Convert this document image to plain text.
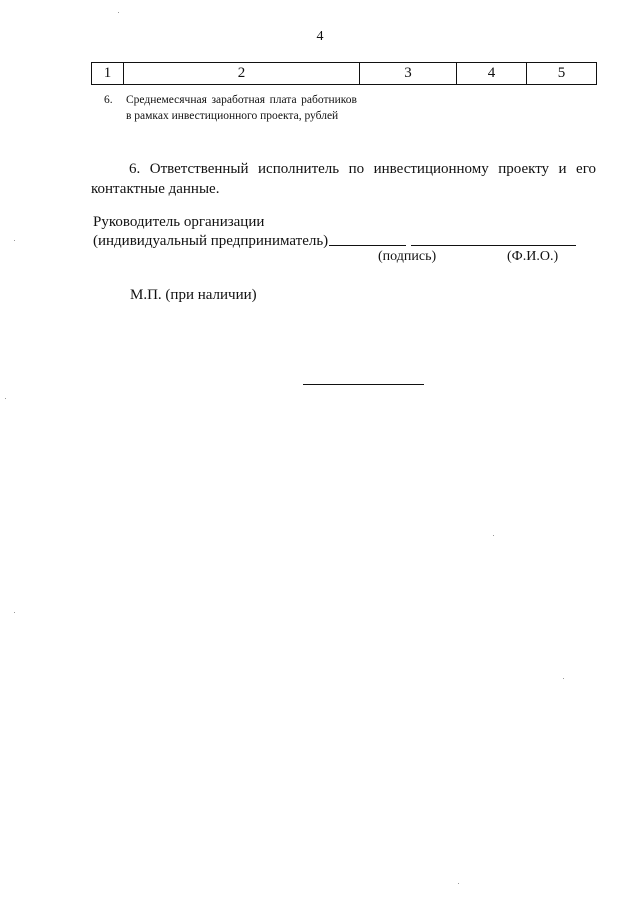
4
1	2	3	4	5
6. Среднемесячная заработная плата работников в рамках инвестиционного проекта, рублей
6. Ответственный исполнитель по инвестиционному проекту и его контактные данные.
Руководитель организации
(индивидуальный предприниматель)
(подпись)	(Ф.И.О.)
М.П. (при наличии)
